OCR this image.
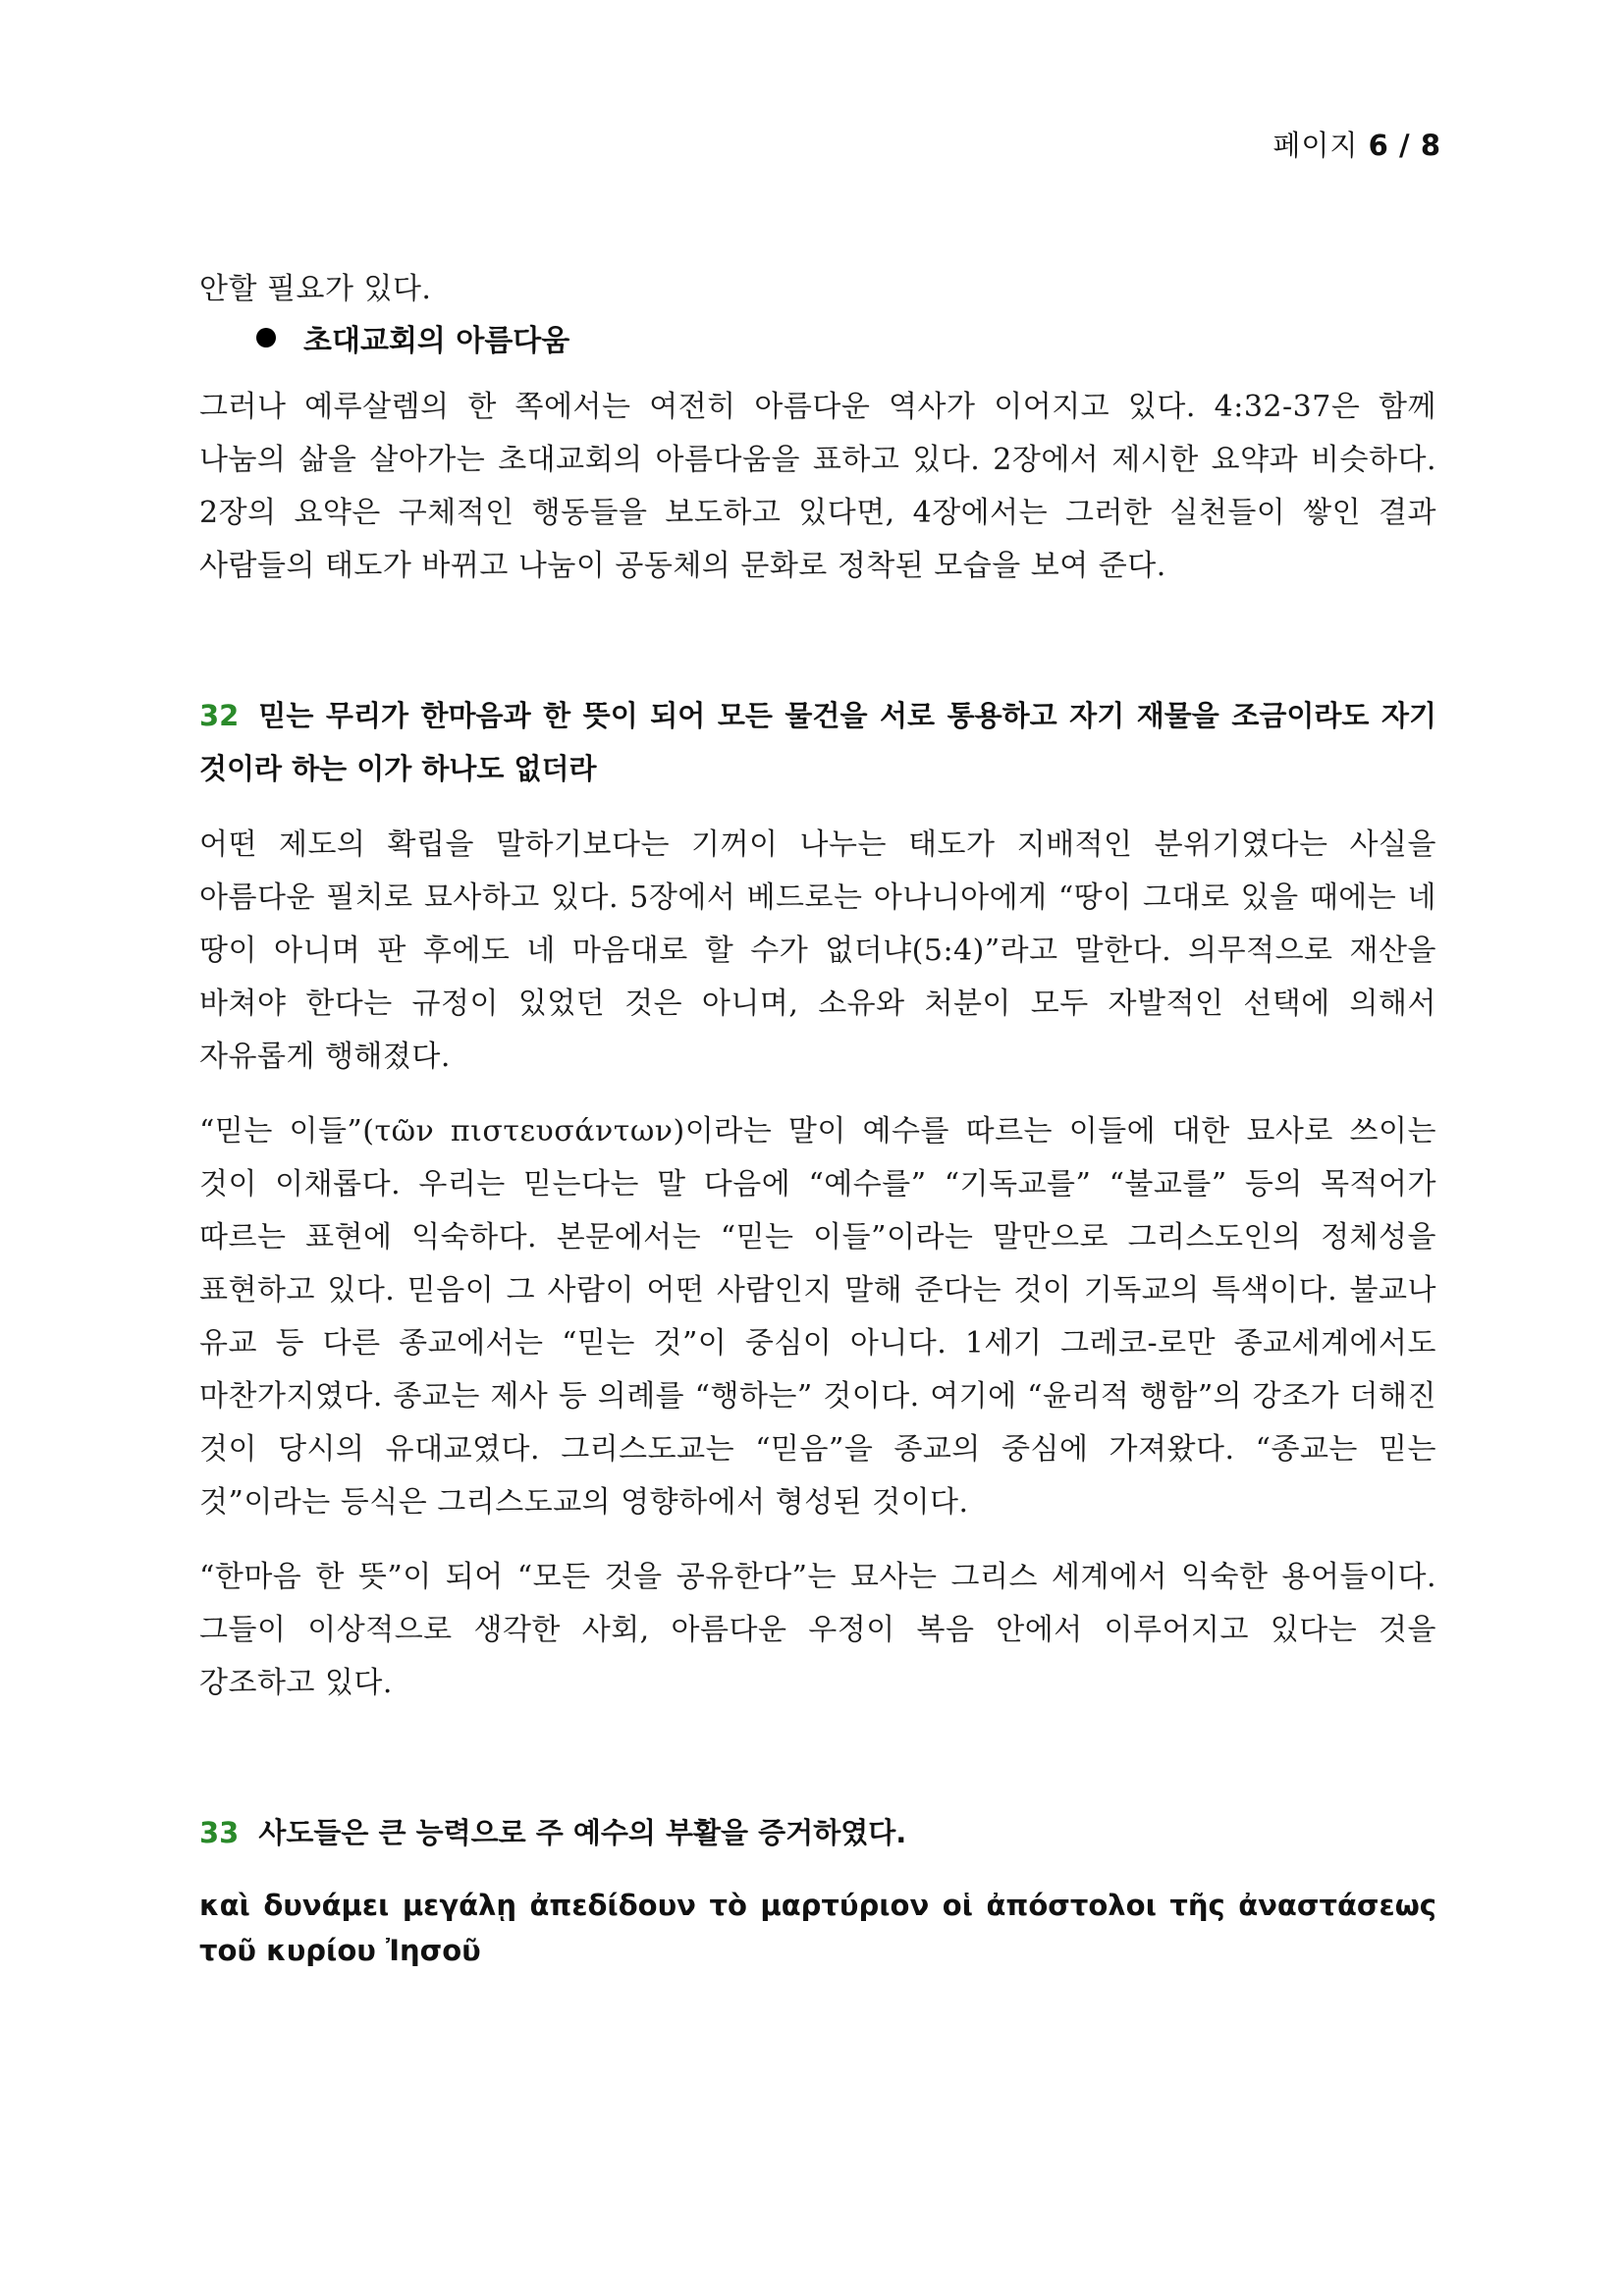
페이지 6 / 8

안할 필요가 있다.

초대교회의 아름다움

그러나 예루살렘의 한 쪽에서는 여전히 아름다운 역사가 이어지고 있다. 4:32-37은 함께 나눔의 삶을 살아가는 초대교회의 아름다움을 표하고 있다. 2장에서 제시한 요약과 비슷하다. 2장의 요약은 구체적인 행동들을 보도하고 있다면, 4장에서는 그러한 실천들이 쌓인 결과 사람들의 태도가 바뀌고 나눔이 공동체의 문화로 정착된 모습을 보여 준다.

32 믿는 무리가 한마음과 한 뜻이 되어 모든 물건을 서로 통용하고 자기 재물을 조금이라도 자기 것이라 하는 이가 하나도 없더라

어떤 제도의 확립을 말하기보다는 기꺼이 나누는 태도가 지배적인 분위기였다는 사실을 아름다운 필치로 묘사하고 있다. 5장에서 베드로는 아나니아에게 “땅이 그대로 있을 때에는 네 땅이 아니며 판 후에도 네 마음대로 할 수가 없더냐(5:4)”라고 말한다. 의무적으로 재산을 바쳐야 한다는 규정이 있었던 것은 아니며, 소유와 처분이 모두 자발적인 선택에 의해서 자유롭게 행해졌다.

“믿는 이들”(τῶν πιστευσάντων)이라는 말이 예수를 따르는 이들에 대한 묘사로 쓰이는 것이 이채롭다. 우리는 믿는다는 말 다음에 “예수를” “기독교를” “불교를” 등의 목적어가 따르는 표현에 익숙하다. 본문에서는 “믿는 이들”이라는 말만으로 그리스도인의 정체성을 표현하고 있다. 믿음이 그 사람이 어떤 사람인지 말해 준다는 것이 기독교의 특색이다. 불교나 유교 등 다른 종교에서는 “믿는 것”이 중심이 아니다. 1세기 그레코-로만 종교세계에서도 마찬가지였다. 종교는 제사 등 의례를 “행하는” 것이다. 여기에 “윤리적 행함”의 강조가 더해진 것이 당시의 유대교였다. 그리스도교는 “믿음”을 종교의 중심에 가져왔다. “종교는 믿는 것”이라는 등식은 그리스도교의 영향하에서 형성된 것이다.

“한마음 한 뜻”이 되어 “모든 것을 공유한다”는 묘사는 그리스 세계에서 익숙한 용어들이다. 그들이 이상적으로 생각한 사회, 아름다운 우정이 복음 안에서 이루어지고 있다는 것을 강조하고 있다.

33 사도들은 큰 능력으로 주 예수의 부활을 증거하였다.

καὶ δυνάμει μεγάλῃ ἀπεδίδουν τὸ μαρτύριον οἱ ἀπόστολοι τῆς ἀναστάσεως τοῦ κυρίου Ἰησοῦ
